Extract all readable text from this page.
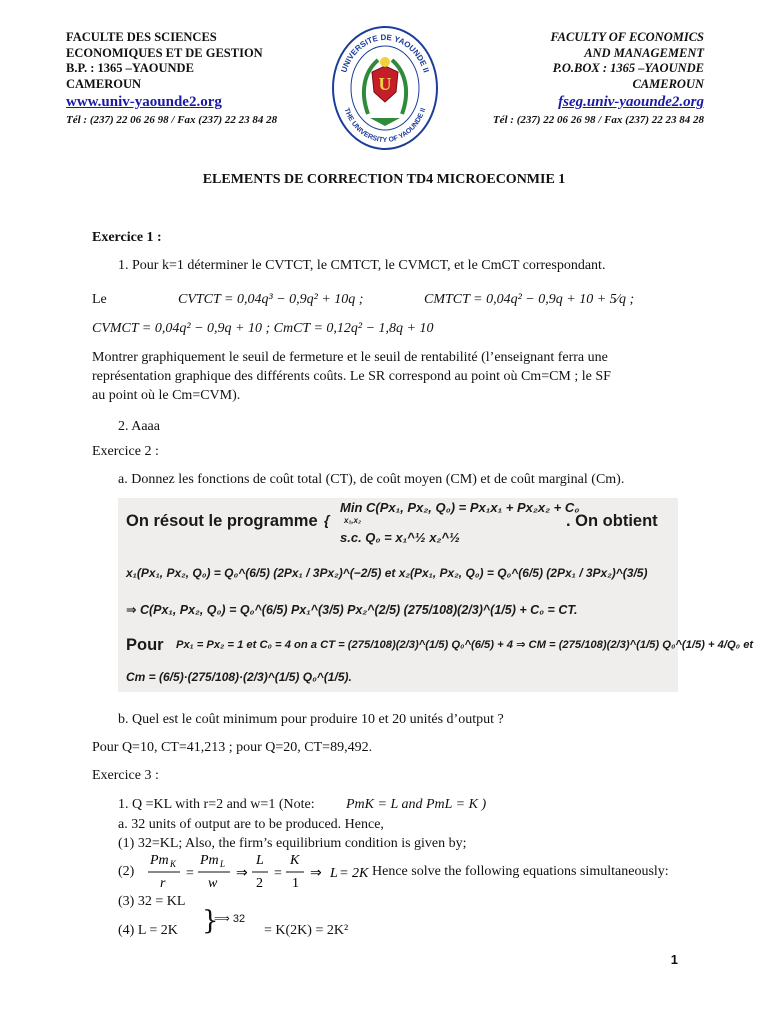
FACULTE DES SCIENCES
ECONOMIQUES ET DE GESTION
B.P. : 1365 –YAOUNDE
CAMEROUN
www.univ-yaounde2.org
Tél : (237) 22 06 26 98 / Fax (237) 22 23 84 28
UNIVERSITE DE YAOUNDE II
THE UNIVERSITY OF YAOUNDE II
U
FACULTY OF ECONOMICS
AND MANAGEMENT
P.O.BOX : 1365 –YAOUNDE
CAMEROUN
fseg.univ-yaounde2.org
Tél : (237) 22 06 26 98 / Fax (237) 22 23 84 28
ELEMENTS DE CORRECTION TD4 MICROECONMIE 1
Exercice 1 :
1. Pour k=1 déterminer le CVTCT, le CMTCT, le CVMCT, et le CmCT correspondant.
Le	CVTCT = 0,04q³ − 0,9q² + 10q ;	CMTCT = 0,04q² − 0,9q + 10 + 5⁄q ;
CVMCT = 0,04q² − 0,9q + 10 ; CmCT = 0,12q² − 1,8q + 10
Montrer graphiquement le seuil de fermeture et le seuil de rentabilité (l’enseignant ferra une
représentation graphique des différents coûts. Le SR correspond au point où Cm=CM ; le SF
au point où le Cm=CVM).
2. Aaaa
Exercice 2 :
a. Donnez les fonctions de coût total (CT), de coût moyen (CM) et de coût marginal (Cm).
On résout le programme {
Min C(Px₁, Px₂, Q₀) = Px₁x₁ + Px₂x₂ + C₀
x₁,x₂	. On obtient
s.c. Q₀ = x₁^½ x₂^½
x₁(Px₁, Px₂, Q₀) = Q₀^(6/5) (2Px₁ / 3Px₂)^(−2/5) et x₂(Px₁, Px₂, Q₀) = Q₀^(6/5) (2Px₁ / 3Px₂)^(3/5)
⇒ C(Px₁, Px₂, Q₀) = Q₀^(6/5) Px₁^(3/5) Px₂^(2/5) (275/108)(2/3)^(1/5) + C₀ = CT.
Pour Px₁ = Px₂ = 1 et C₀ = 4 on a CT = (275/108)(2/3)^(1/5) Q₀^(6/5) + 4 ⇒ CM = (275/108)(2/3)^(1/5) Q₀^(1/5) + 4/Q₀ et
Cm = (6/5)·(275/108)·(2/3)^(1/5) Q₀^(1/5).
b. Quel est le coût minimum pour produire 10 et 20 unités d’output ?
Pour Q=10, CT=41,213 ; pour Q=20, CT=89,492.
Exercice 3 :
1. Q =KL with r=2 and w=1 (Note: PmK = L and PmL = K )
a. 32 units of output are to be produced. Hence,
(1) 32=KL; Also, the firm’s equilibrium condition is given by;
(2)
Pm K
r
=
Pm L
w
⇒
L
2
=
K
1
⇒ L = 2K Hence solve the following equations simultaneously:
(3) 32 = KL
(4) L = 2K }
⟹ 32
= K(2K) = 2K²
1
